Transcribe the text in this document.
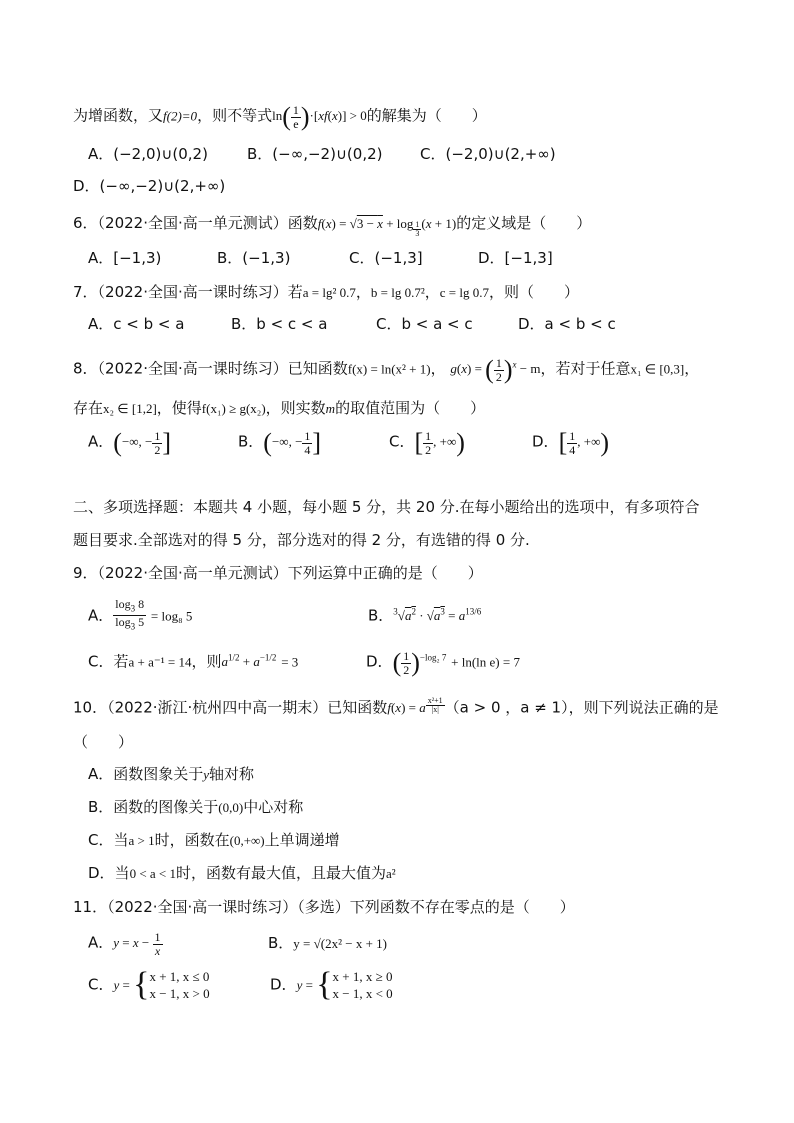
为增函数，又f(2)=0，则不等式$\ln( \frac{1}{e} )\cdot[xf(x)] > 0$的解集为（　　）
A．(−2,0)∪(0,2)	B．(−∞,−2)∪(0,2)	C．(−2,0)∪(2,+∞)
D．(−∞,−2)∪(2,+∞)
6．（2022·全国·高一单元测试）函数f(x) = √3 − x + log $_{\frac{1}{3}}$ (x + 1)的定义域是（　　）
A．[−1,3)	B．(−1,3)	C．(−1,3]	D．[−1,3]
7．（2022·全国·高一课时练习）若a = lg² 0.7，b = lg 0.7²，c = lg 0.7，则（　　）
A．c < b < a	B．b < c < a	C．b < a < c	D．a < b < c
8．（2022·全国·高一课时练习）已知函数f(x) = ln(x² + 1)， g(x) = ( $\frac{1}{2} )^x - m$，若对于任意x₁ ∈ [0,3]，
存在x₂ ∈ [1,2]，使得f(x₁) ≥ g(x₂)，则实数m的取值范围为（　　）
A．(−∞, − $\frac{1}{2}$ ]	B．(−∞, − $\frac{1}{4}$ ]	C．[ $\frac{1}{2}$ , +∞)	D．[ $\frac{1}{4}$ , +∞)
二、多项选择题：本题共 4 小题，每小题 5 分，共 20 分.在每小题给出的选项中，有多项符合
题目要求.全部选对的得 5 分，部分选对的得 2 分，有选错的得 0 分.
9．（2022·全国·高一单元测试）下列运算中正确的是（　　）
A． $\frac{\log_3 8}{\log_3 5} = \log_8$ 5	B．$^3√a^2 \cdot √a^3 = a^{13/6}$
C．若a + a⁻¹ = 14，则$a^{1/2} + a^{-1/2} = 3$	D．( $\frac{1}{2} )^{-log_2 7} + \ln(\ln$ e) = 7
10．（2022·浙江·杭州四中高一期末）已知函数f(x) = a $^{\frac{\text{x²+1}}{|x|}}$ （a > 0 ，a ≠ 1），则下列说法正确的是
（　　）
A．函数图象关于y轴对称
B．函数的图像关于(0,0)中心对称
C．当a > 1时，函数在(0,+∞)上单调递增
D．当0 < a < 1时，函数有最大值，且最大值为a²
11．（2022·全国·高一课时练习）（多选）下列函数不存在零点的是（　　）
A．$y = x - \frac{1}{x}$	B．y = √(2x² − x + 1)
C．y = { x + 1, x ≤ 0
x − 1, x > 0	D．y = { x + 1, x ≥ 0
x − 1, x < 0
